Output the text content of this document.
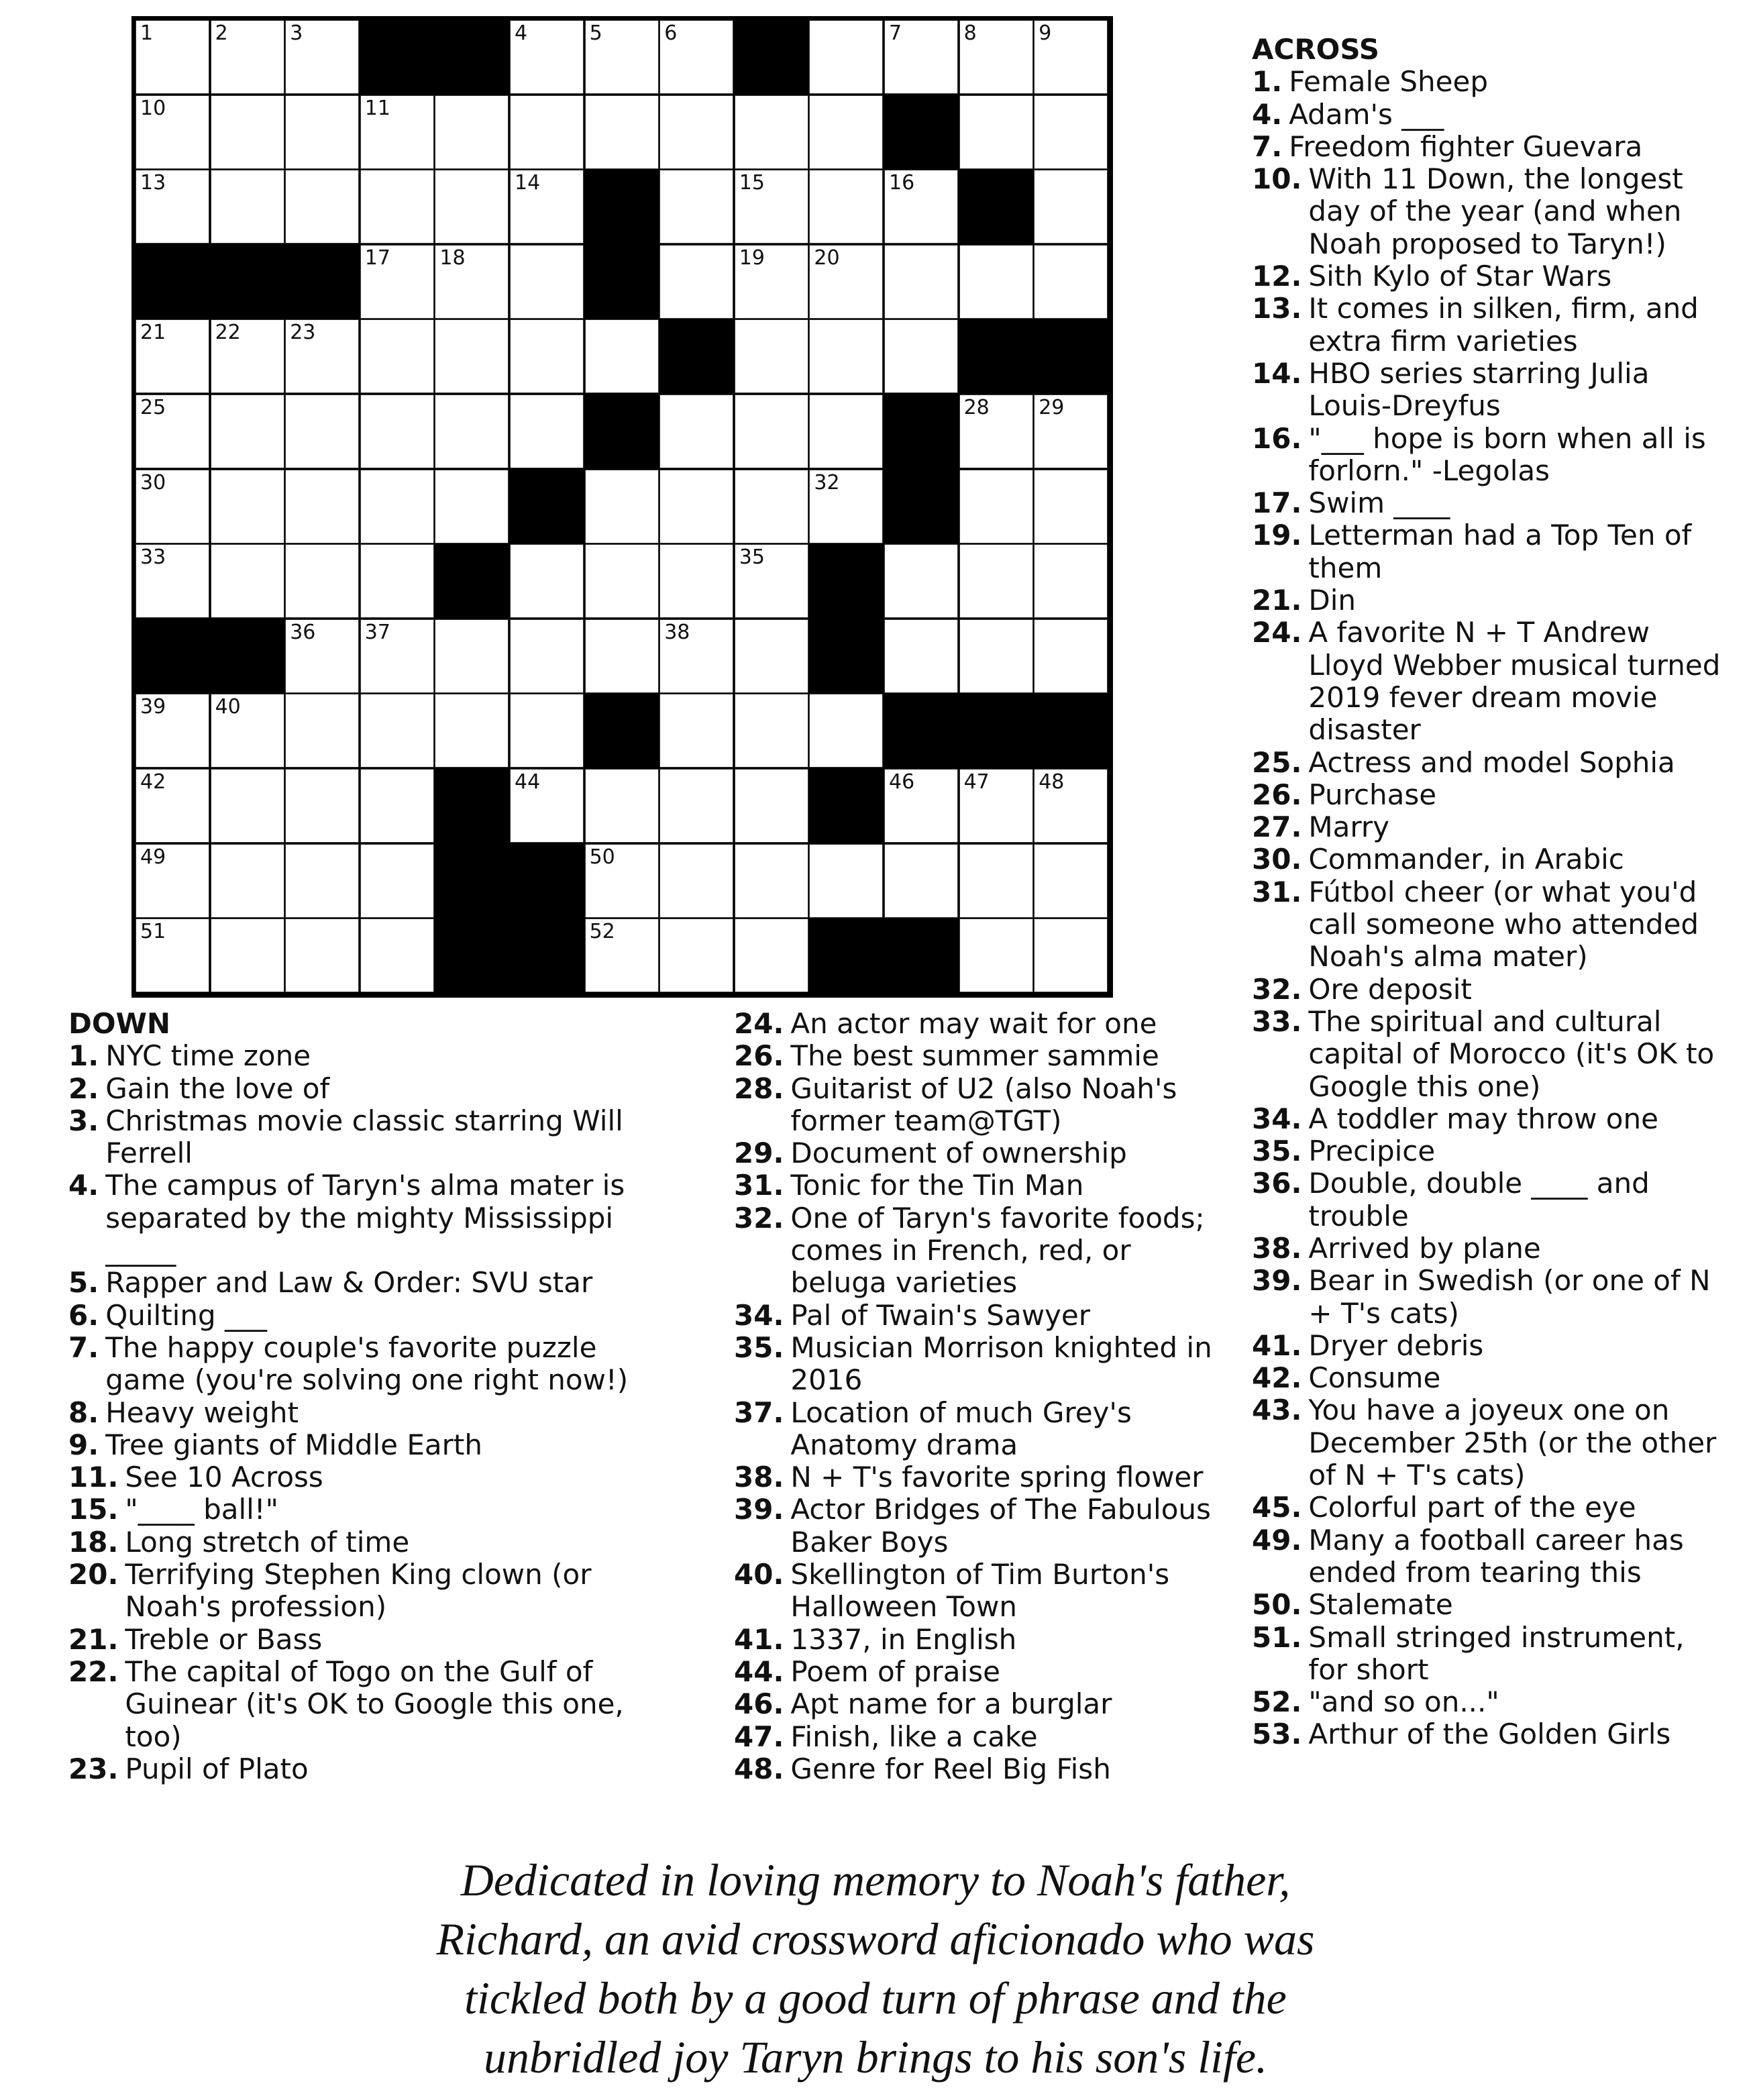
1	2	3	4	5	6	7	8	9
10	11
13	14	15	16
17 18	19 20
21 22 23
25	28 29
30	32
33	35
36 37	38
39 40
42	44	46 47 48
49	50
51	52
ACROSS
1. Female Sheep
4. Adam's ___
7. Freedom fighter Guevara
10. With 11 Down, the longest day of the year (and when Noah proposed to Taryn!)
12. Sith Kylo of Star Wars
13. It comes in silken, firm, and extra firm varieties
14. HBO series starring Julia Louis-Dreyfus
16. "___ hope is born when all is forlorn." -Legolas
17. Swim ____
19. Letterman had a Top Ten of them
21. Din
24. A favorite N + T Andrew Lloyd Webber musical turned 2019 fever dream movie disaster
25. Actress and model Sophia
26. Purchase
27. Marry
30. Commander, in Arabic
31. Fútbol cheer (or what you'd call someone who attended Noah's alma mater)
32. Ore deposit
33. The spiritual and cultural capital of Morocco (it's OK to Google this one)
34. A toddler may throw one
35. Precipice
36. Double, double ____ and trouble
38. Arrived by plane
39. Bear in Swedish (or one of N + T's cats)
41. Dryer debris
42. Consume
43. You have a joyeux one on December 25th (or the other of N + T's cats)
45. Colorful part of the eye
49. Many a football career has ended from tearing this
50. Stalemate
51. Small stringed instrument, for short
52. "and so on..."
53. Arthur of the Golden Girls
DOWN
1. NYC time zone
2. Gain the love of
3. Christmas movie classic starring Will Ferrell
4. The campus of Taryn's alma mater is separated by the mighty Mississippi _____
5. Rapper and Law & Order: SVU star
6. Quilting ___
7. The happy couple's favorite puzzle game (you're solving one right now!)
8. Heavy weight
9. Tree giants of Middle Earth
11. See 10 Across
15. "____ ball!"
18. Long stretch of time
20. Terrifying Stephen King clown (or Noah's profession)
21. Treble or Bass
22. The capital of Togo on the Gulf of Guinear (it's OK to Google this one, too)
23. Pupil of Plato
24. An actor may wait for one
26. The best summer sammie
28. Guitarist of U2 (also Noah's former team@TGT)
29. Document of ownership
31. Tonic for the Tin Man
32. One of Taryn's favorite foods; comes in French, red, or beluga varieties
34. Pal of Twain's Sawyer
35. Musician Morrison knighted in 2016
37. Location of much Grey's Anatomy drama
38. N + T's favorite spring flower
39. Actor Bridges of The Fabulous Baker Boys
40. Skellington of Tim Burton's Halloween Town
41. 1337, in English
44. Poem of praise
46. Apt name for a burglar
47. Finish, like a cake
48. Genre for Reel Big Fish
Dedicated in loving memory to Noah's father,
Richard, an avid crossword aficionado who was
tickled both by a good turn of phrase and the
unbridled joy Taryn brings to his son's life.
